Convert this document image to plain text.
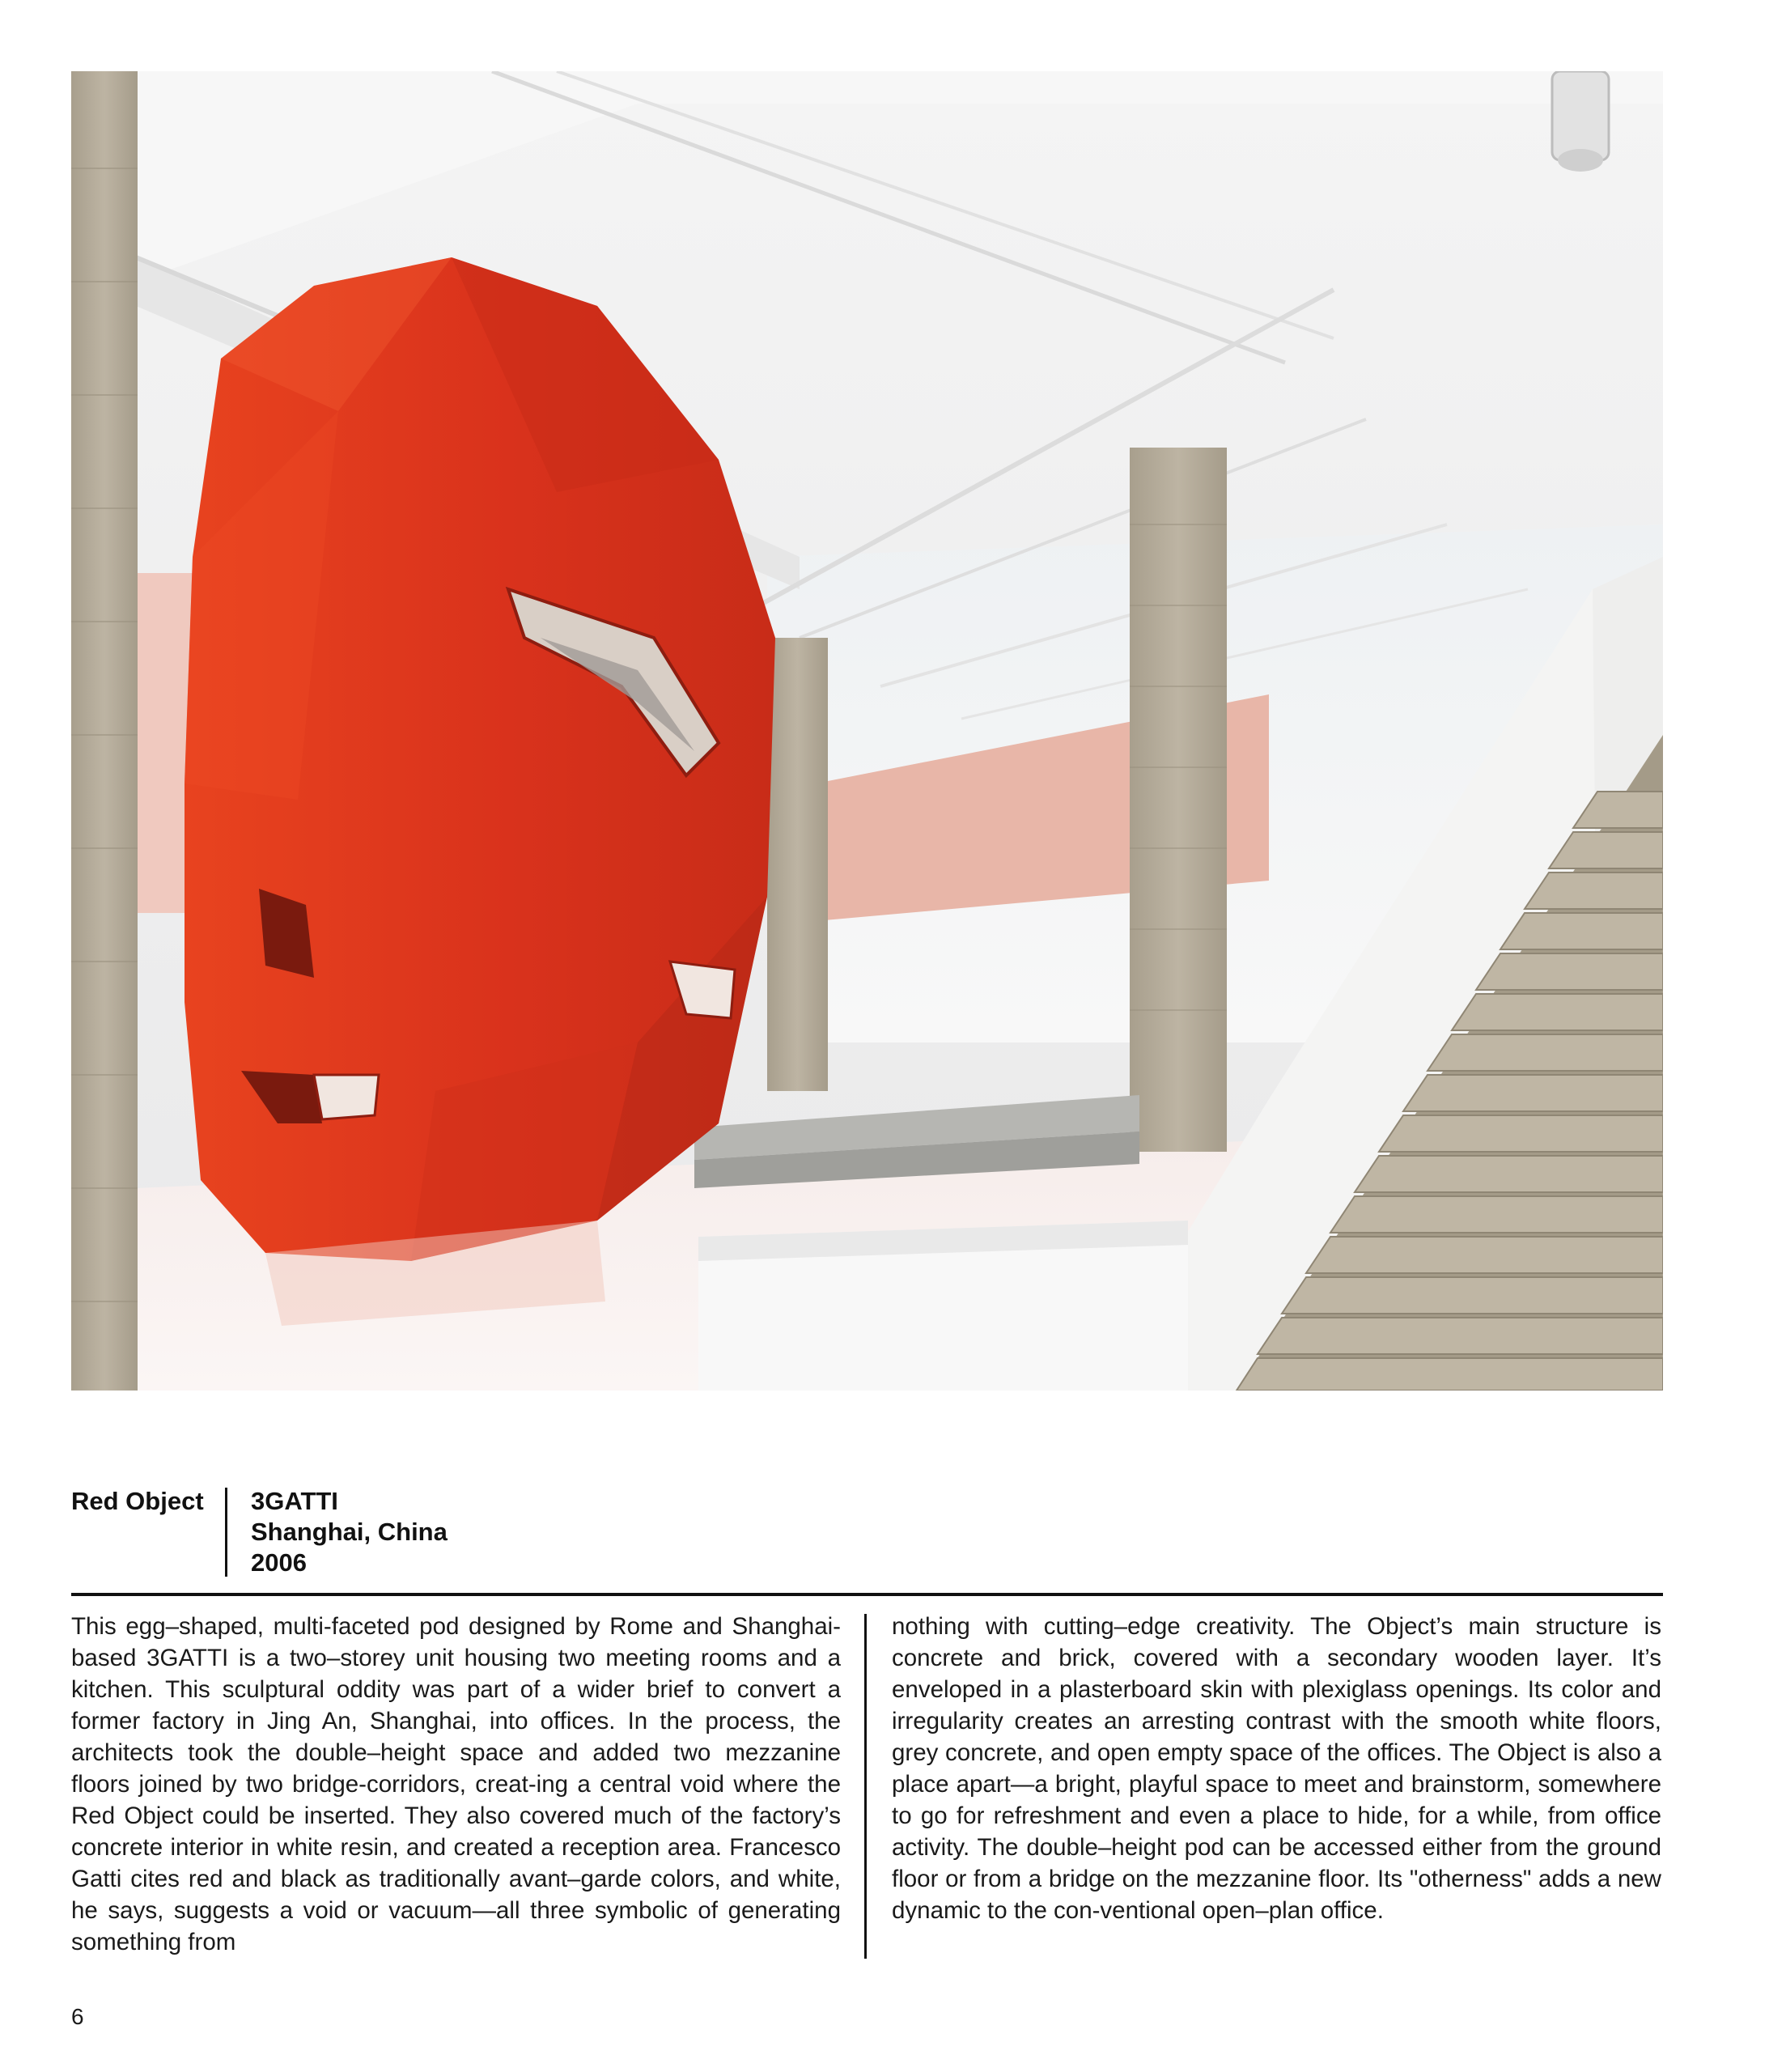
Red Object 3GATTI
Shanghai, China
2006
This egg–shaped, multi-faceted pod designed by Rome and Shanghai-based 3GATTI is a two–storey unit housing two meeting rooms and a kitchen. This sculptural oddity was part of a wider brief to convert a former factory in Jing An, Shanghai, into offices. In the process, the architects took the double–height space and added two mezzanine floors joined by two bridge-corridors, creat-ing a central void where the Red Object could be inserted. They also covered much of the factory’s concrete interior in white resin, and created a reception area. Francesco Gatti cites red and black as traditionally avant–garde colors, and white, he says, suggests a void or vacuum—all three symbolic of generating something from
nothing with cutting–edge creativity. The Object’s main structure is concrete and brick, covered with a secondary wooden layer. It’s enveloped in a plasterboard skin with plexiglass openings. Its color and irregularity creates an arresting contrast with the smooth white floors, grey concrete, and open empty space of the offices. The Object is also a place apart—a bright, playful space to meet and brainstorm, somewhere to go for refreshment and even a place to hide, for a while, from office activity. The double–height pod can be accessed either from the ground floor or from a bridge on the mezzanine floor. Its "otherness" adds a new dynamic to the con-ventional open–plan office.
6
